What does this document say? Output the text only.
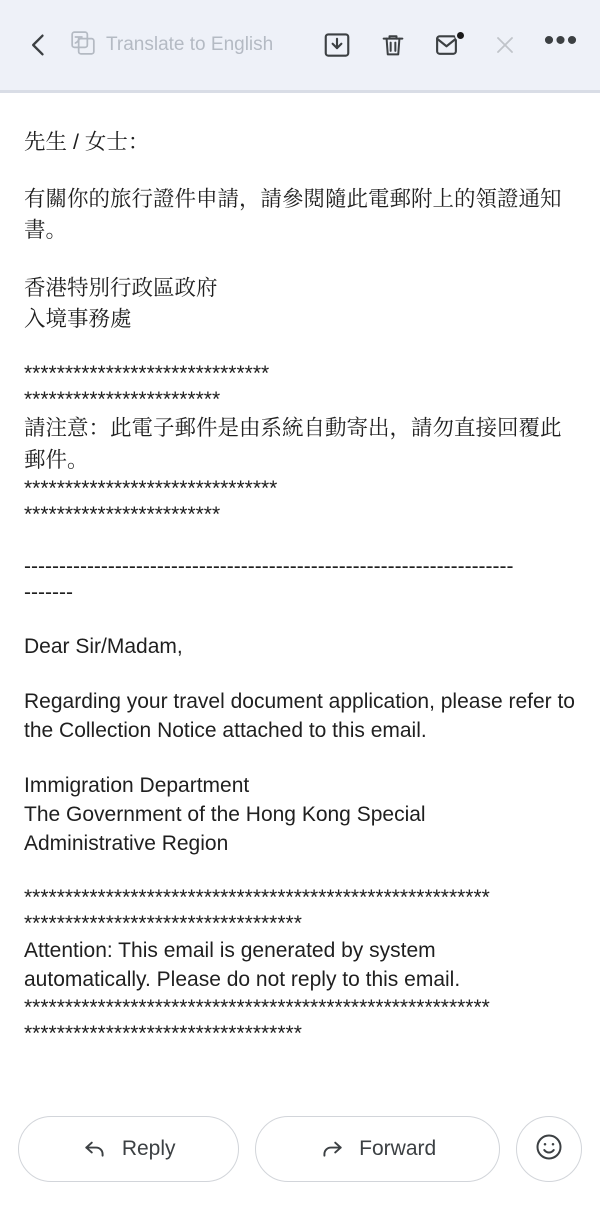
Translate to English	•••

先生 / 女士：

有關你的旅行證件申請，請參閱隨此電郵附上的領證通知書。

香港特別行政區政府

入境事務處

******************************

************************

請注意：此電子郵件是由系統自動寄出，請勿直接回覆此郵件。

*******************************

************************

----------------------------------------------------------------------

-------

Dear Sir/Madam,

Regarding your travel document application, please refer to the Collection Notice attached to this email.

Immigration Department

The Government of the Hong Kong Special

Administrative Region

*********************************************************

**********************************

Attention: This email is generated by system

automatically. Please do not reply to this email.

*********************************************************

**********************************

Reply	Forward
